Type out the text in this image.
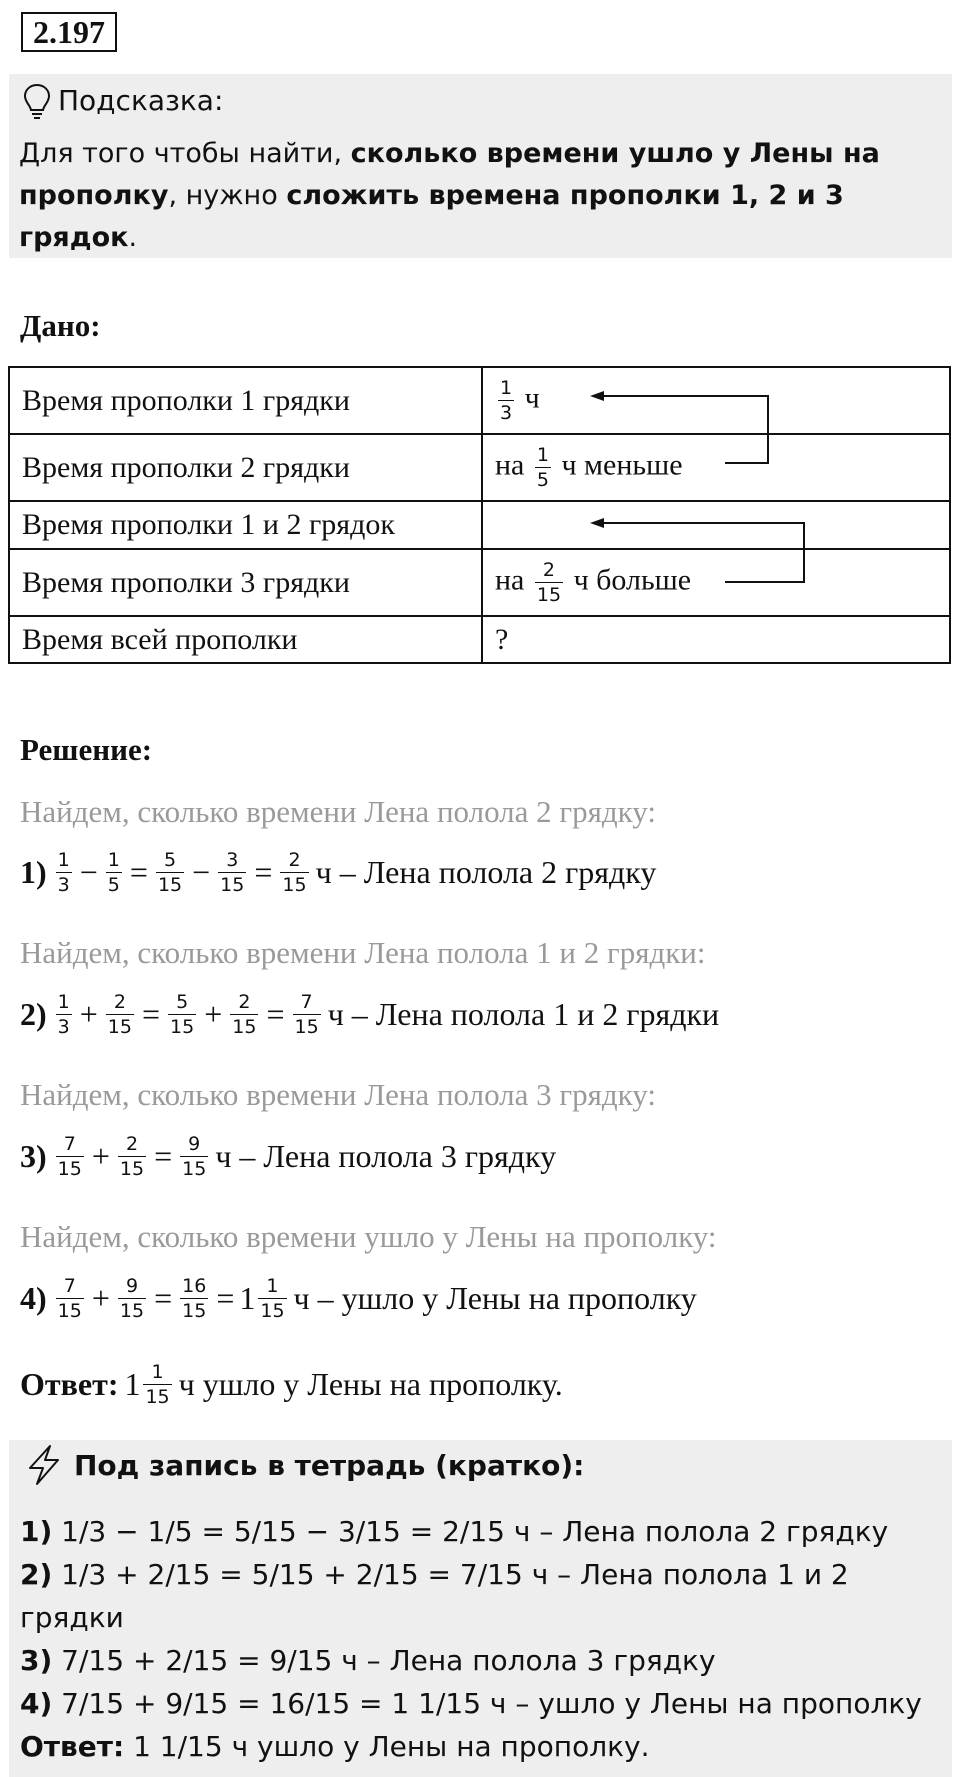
2.197
Подсказка:
Для того чтобы найти, сколько времени ушло у Лены на прополку, нужно сложить времена прополки 1, 2 и 3 грядок.
Дано:
Время прополки 1 грядки	$\frac{1}{3}$ ч
Время прополки 2 грядки	на $\frac{1}{5}$ ч меньше
Время прополки 1 и 2 грядок	
Время прополки 3 грядки	на $\frac{2}{15}$ ч больше
Время всей прополки	?
Решение:
Найдем, сколько времени Лена полола 2 грядку:
$1) \frac{1}{3} - \frac{1}{5} = \frac{5}{15} - \frac{3}{15} = \frac{2}{15}$ ч – Лена полола 2 грядку
Найдем, сколько времени Лена полола 1 и 2 грядки:
$2) \frac{1}{3} + \frac{2}{15} = \frac{5}{15} + \frac{2}{15} = \frac{7}{15}$ ч – Лена полола 1 и 2 грядки
Найдем, сколько времени Лена полола 3 грядку:
$3) \frac{7}{15} + \frac{2}{15} = \frac{9}{15}$ ч – Лена полола 3 грядку
Найдем, сколько времени ушло у Лены на прополку:
$4) \frac{7}{15} + \frac{9}{15} = \frac{16}{15} = 1 \frac{1}{15}$ ч – ушло у Лены на прополку
Ответ: $1 \frac{1}{15}$ ч ушло у Лены на прополку.
Под запись в тетрадь (кратко):
1) 1/3 − 1/5 = 5/15 − 3/15 = 2/15 ч – Лена полола 2 грядку
2) 1/3 + 2/15 = 5/15 + 2/15 = 7/15 ч – Лена полола 1 и 2 грядки
3) 7/15 + 2/15 = 9/15 ч – Лена полола 3 грядку
4) 7/15 + 9/15 = 16/15 = 1 1/15 ч – ушло у Лены на прополку
Ответ: 1 1/15 ч ушло у Лены на прополку.
